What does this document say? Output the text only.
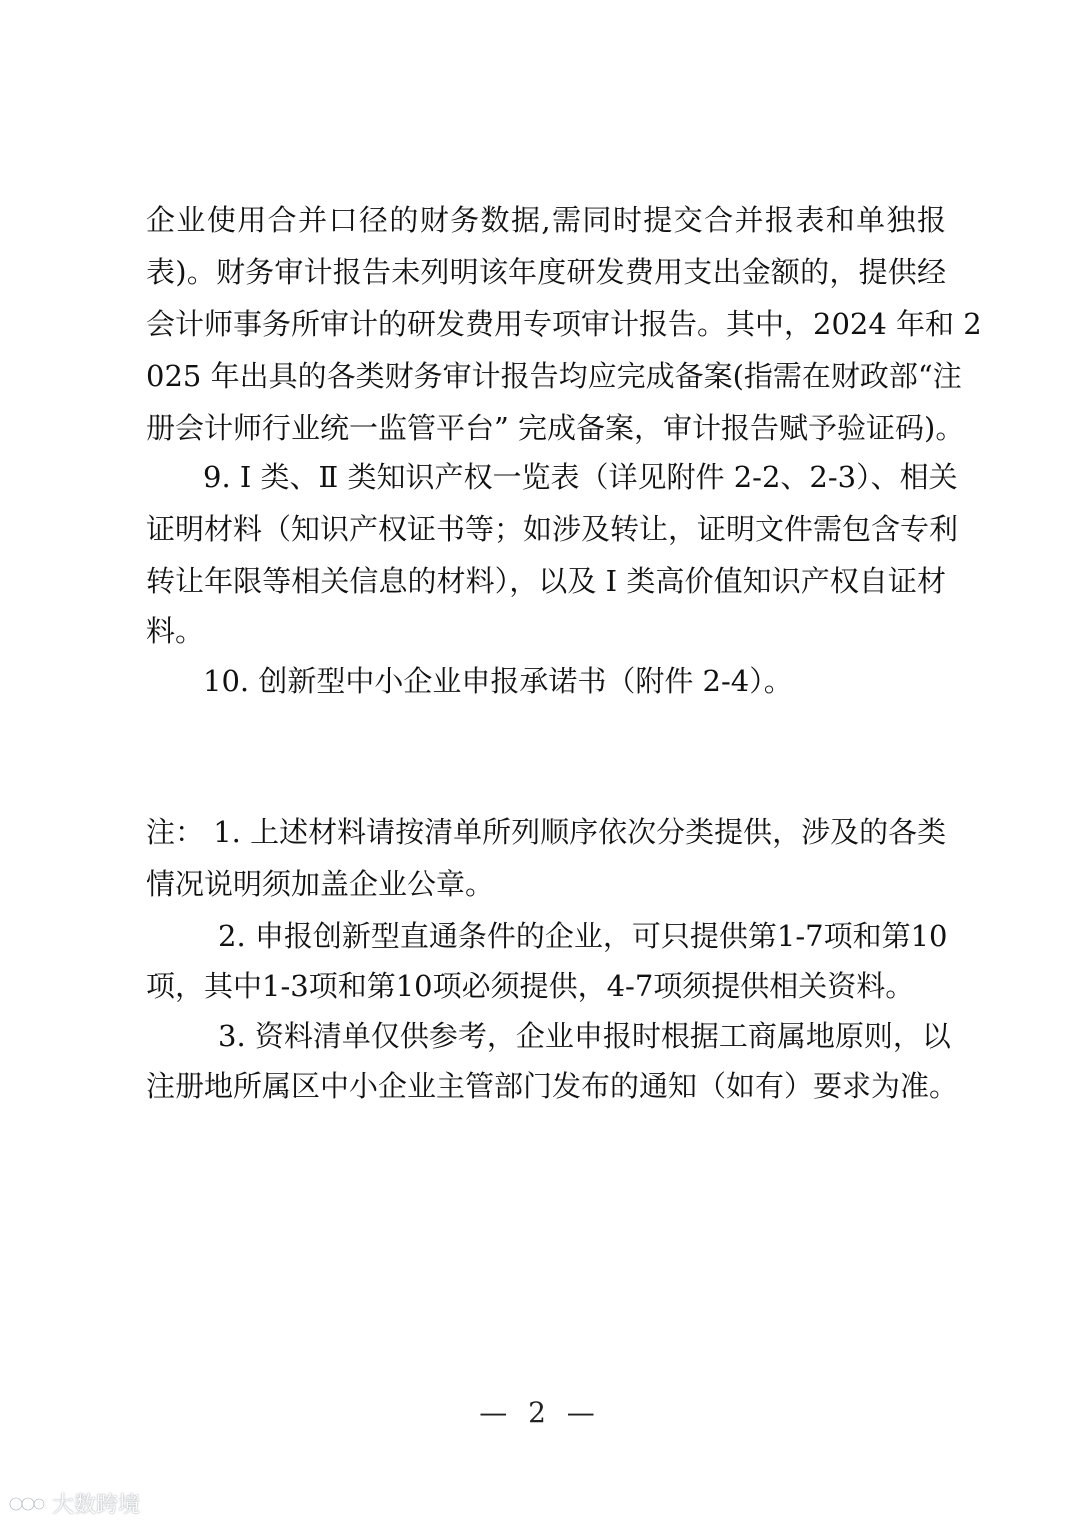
企业使用合并口径的财务数据,需同时提交合并报表和单独报
表)。财务审计报告未列明该年度研发费用支出金额的，提供经
会计师事务所审计的研发费用专项审计报告。其中，2024 年和 2
025 年出具的各类财务审计报告均应完成备案(指需在财政部“注
册会计师行业统一监管平台” 完成备案，审计报告赋予验证码)。
9. Ⅰ 类、Ⅱ 类知识产权一览表（详见附件 2-2、2-3）、相关
证明材料（知识产权证书等；如涉及转让，证明文件需包含专利
转让年限等相关信息的材料），以及 Ⅰ 类高价值知识产权自证材
料。
10. 创新型中小企业申报承诺书（附件 2-4）。
注： 1. 上述材料请按清单所列顺序依次分类提供，涉及的各类
情况说明须加盖企业公章。
2. 申报创新型直通条件的企业，可只提供第1-7项和第10
项，其中1-3项和第10项必须提供，4-7项须提供相关资料。
3. 资料清单仅供参考，企业申报时根据工商属地原则，以
注册地所属区中小企业主管部门发布的通知（如有）要求为准。
— 2 —
大数跨境
